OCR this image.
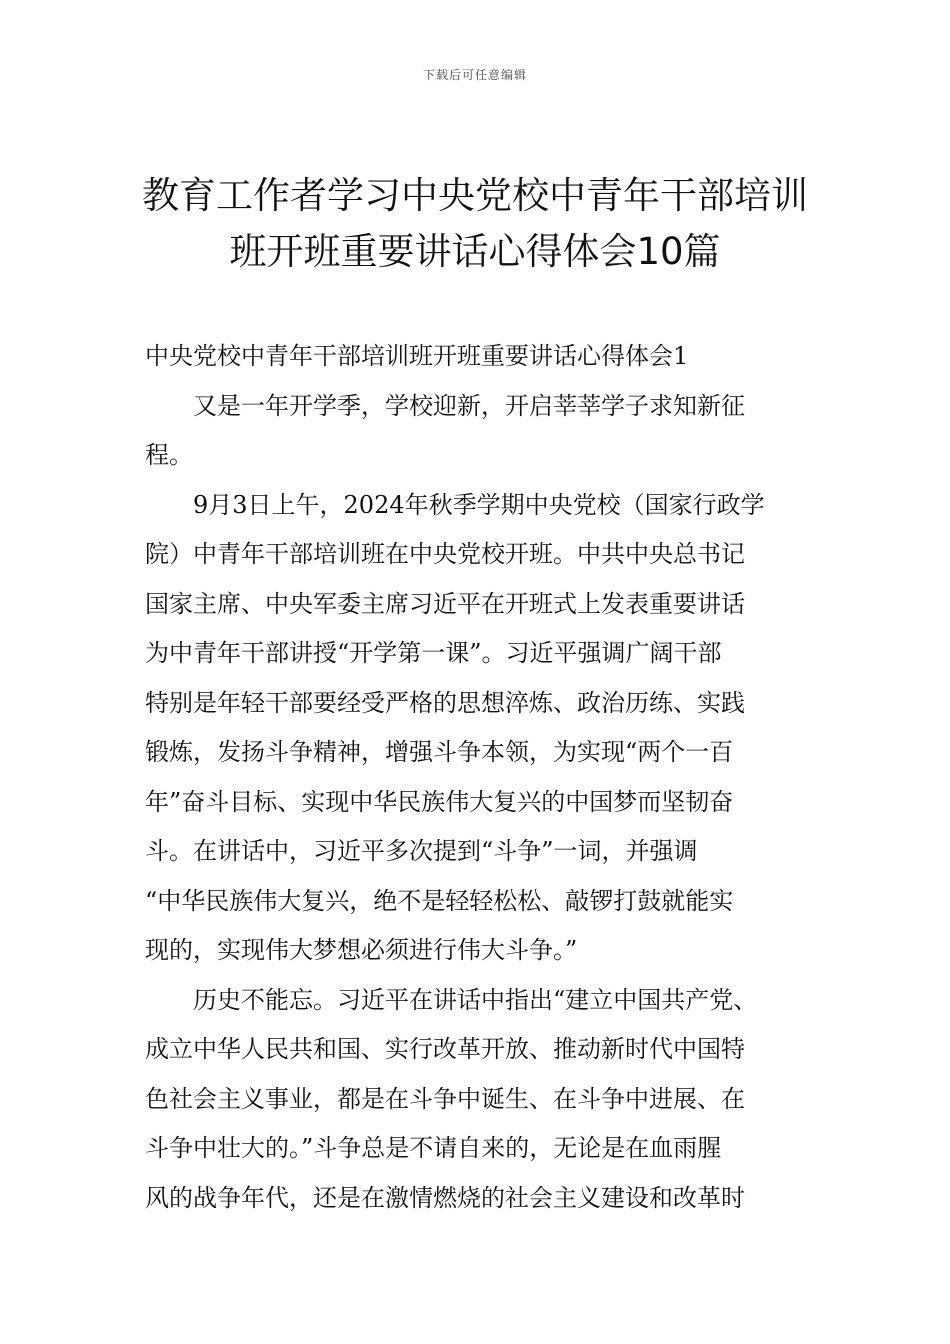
下载后可任意编辑
教育工作者学习中央党校中青年干部培训
班开班重要讲话心得体会10篇
中央党校中青年干部培训班开班重要讲话心得体会1
又是一年开学季，学校迎新，开启莘莘学子求知新征
程。
9月3日上午，2024年秋季学期中央党校（国家行政学
院）中青年干部培训班在中央党校开班。中共中央总书记
国家主席、中央军委主席习近平在开班式上发表重要讲话
为中青年干部讲授“开学第一课”。习近平强调广阔干部
特别是年轻干部要经受严格的思想淬炼、政治历练、实践
锻炼，发扬斗争精神，增强斗争本领，为实现“两个一百
年”奋斗目标、实现中华民族伟大复兴的中国梦而坚韧奋
斗。在讲话中，习近平多次提到“斗争”一词，并强调
“中华民族伟大复兴，绝不是轻轻松松、敲锣打鼓就能实
现的，实现伟大梦想必须进行伟大斗争。”
历史不能忘。习近平在讲话中指出“建立中国共产党、
成立中华人民共和国、实行改革开放、推动新时代中国特
色社会主义事业，都是在斗争中诞生、在斗争中进展、在
斗争中壮大的。”斗争总是不请自来的，无论是在血雨腥
风的战争年代，还是在激情燃烧的社会主义建设和改革时
